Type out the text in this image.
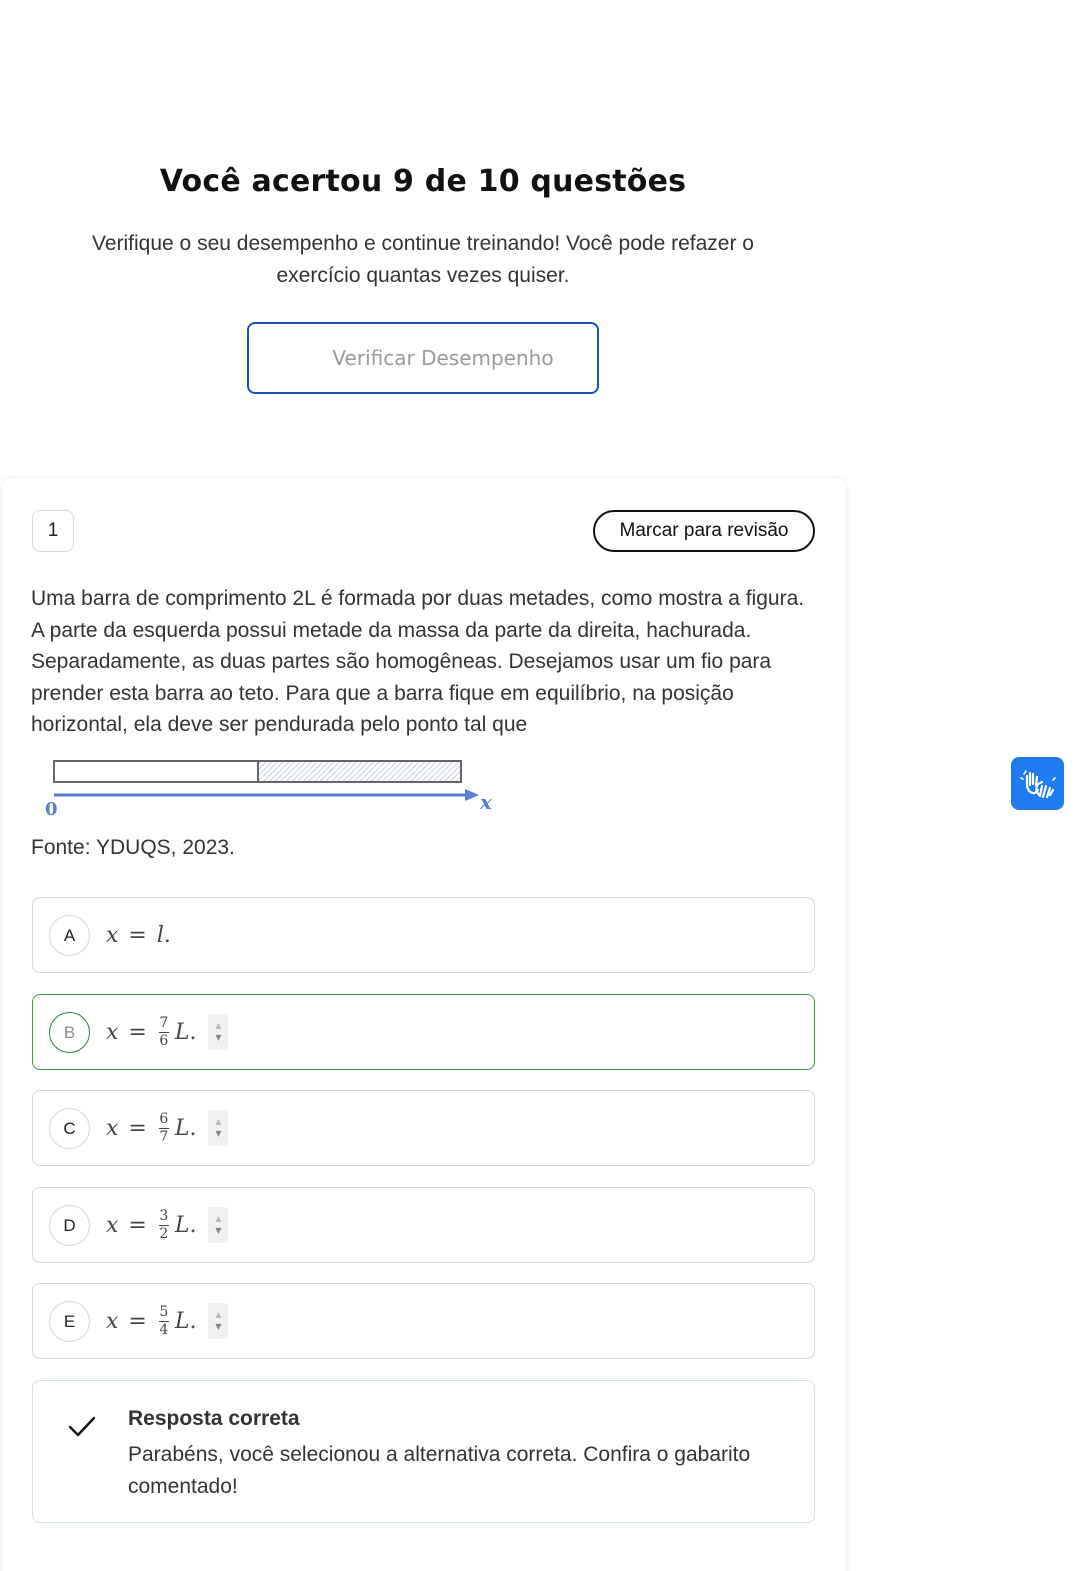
Você acertou 9 de 10 questões

Verifique o seu desempenho e continue treinando! Você pode refazer o exercício quantas vezes quiser.

Verificar Desempenho
1	Marcar para revisão

Uma barra de comprimento 2L é formada por duas metades, como mostra a figura. A parte da esquerda possui metade da massa da parte da direita, hachurada. Separadamente, as duas partes são homogêneas. Desejamos usar um fio para prender esta barra ao teto. Para que a barra fique em equilíbrio, na posição horizontal, ela deve ser pendurada pelo ponto tal que

0	x

Fonte: YDUQS, 2023.

A	x = l.
B	$x = \frac{7}{6} L$. ▲
▼
C	$x = \frac{6}{7} L$. ▲
▼
D	$x = \frac{3}{2} L$. ▲
▼
E	$x = \frac{5}{4} L$. ▲
▼
Resposta correta
Parabéns, você selecionou a alternativa correta. Confira o gabarito comentado!
